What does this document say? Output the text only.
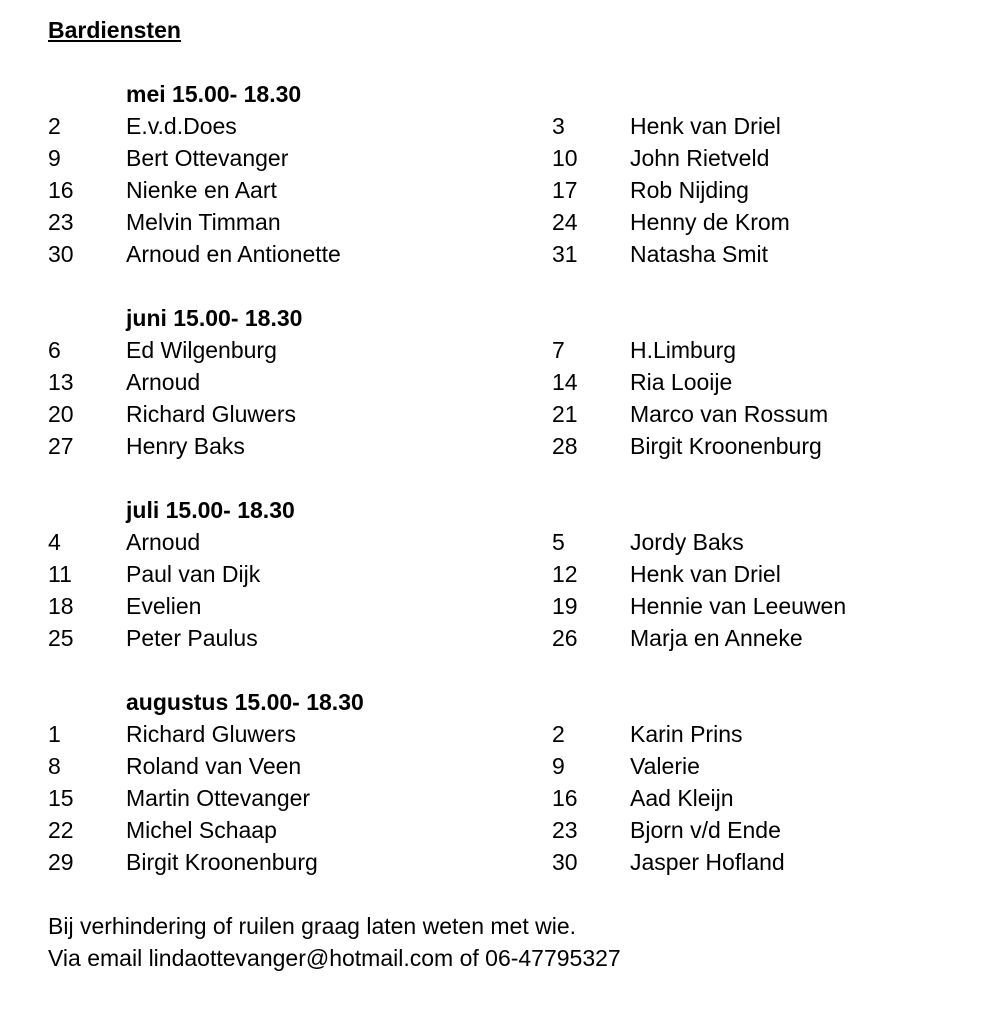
Bardiensten
mei 15.00- 18.30
2	E.v.d.Does	3	Henk van Driel
9	Bert Ottevanger	10 John Rietveld
16 Nienke en Aart	17 Rob Nijding
23 Melvin Timman	24 Henny de Krom
30 Arnoud en Antionette	31 Natasha Smit
juni 15.00- 18.30
6	Ed Wilgenburg	7	H.Limburg
13 Arnoud	14 Ria Looije
20 Richard Gluwers	21 Marco van Rossum
27 Henry Baks	28 Birgit Kroonenburg
juli 15.00- 18.30
4	Arnoud	5	Jordy Baks
11 Paul van Dijk	12 Henk van Driel
18 Evelien	19 Hennie van Leeuwen
25 Peter Paulus	26 Marja en Anneke
augustus 15.00- 18.30
1	Richard Gluwers	2	Karin Prins
8	Roland van Veen	9	Valerie
15 Martin Ottevanger	16 Aad Kleijn
22 Michel Schaap	23 Bjorn v/d Ende
29 Birgit Kroonenburg	30 Jasper Hofland
Bij verhindering of ruilen graag laten weten met wie.
Via email lindaottevanger@hotmail.com of 06-47795327
